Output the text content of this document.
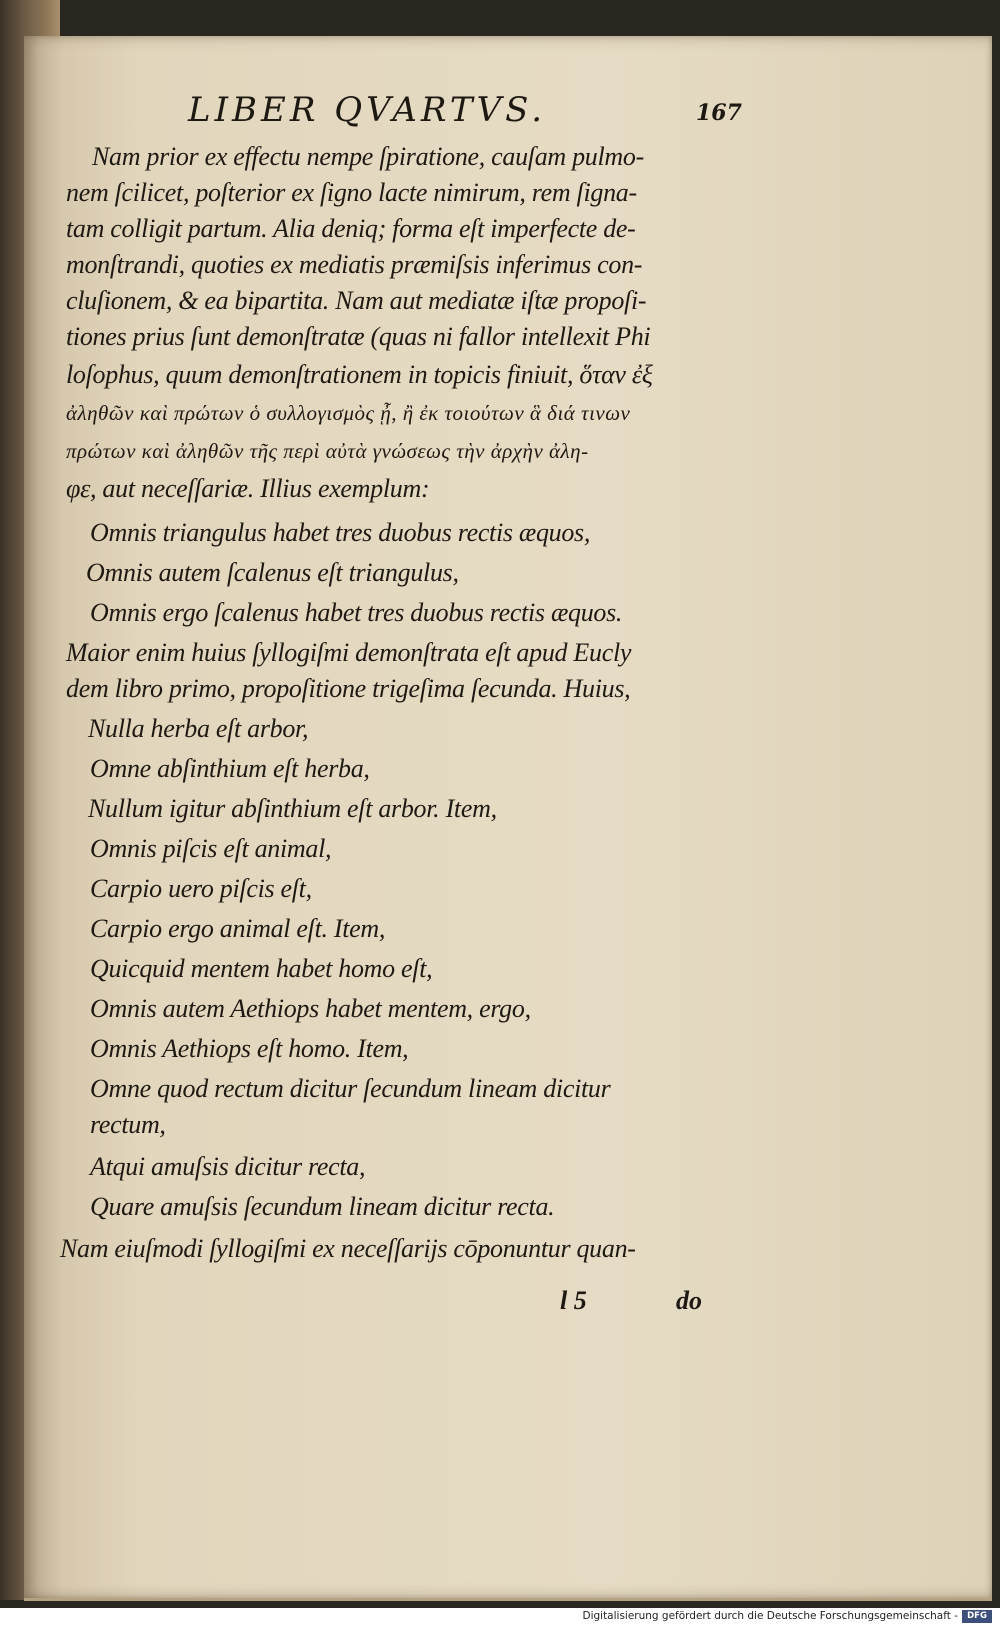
LIBER QVARTVS.	167
Nam prior ex effectu nempe ſpiratione, cauſam pulmo-
nem ſcilicet, poſterior ex ſigno lacte nimirum, rem ſigna-
tam colligit partum. Alia deniq; forma eſt imperfecte de-
monſtrandi, quoties ex mediatis præmiſsis inferimus con-
cluſionem, & ea bipartita. Nam aut mediatæ iſtæ propoſi-
tiones prius ſunt demonſtratæ (quas ni fallor intellexit Phi
loſophus, quum demonſtrationem in topicis finiuit, ὅταν ἐξ
ἀληθῶν καὶ πρώτων ὁ συλλογισμὸς ᾖ, ἢ ἐκ τοιούτων ἃ διά τινων
πρώτων καὶ ἀληθῶν τῆς περὶ αὐτὰ γνώσεως τὴν ἀρχὴν ἀλη-
φε, aut neceſſariæ. Illius exemplum:
Omnis triangulus habet tres duobus rectis æquos,
Omnis autem ſcalenus eſt triangulus,
Omnis ergo ſcalenus habet tres duobus rectis æquos.
Maior enim huius ſyllogiſmi demonſtrata eſt apud Eucly
dem libro primo, propoſitione trigeſima ſecunda. Huius,
Nulla herba eſt arbor,
Omne abſinthium eſt herba,
Nullum igitur abſinthium eſt arbor. Item,
Omnis piſcis eſt animal,
Carpio uero piſcis eſt,
Carpio ergo animal eſt. Item,
Quicquid mentem habet homo eſt,
Omnis autem Aethiops habet mentem, ergo,
Omnis Aethiops eſt homo. Item,
Omne quod rectum dicitur ſecundum lineam dicitur
rectum,
Atqui amuſsis dicitur recta,
Quare amuſsis ſecundum lineam dicitur recta.
Nam eiuſmodi ſyllogiſmi ex neceſſarijs cōponuntur quan-
l 5	do
Digitalisierung gefördert durch die Deutsche Forschungsgemeinschaft -	DFG
